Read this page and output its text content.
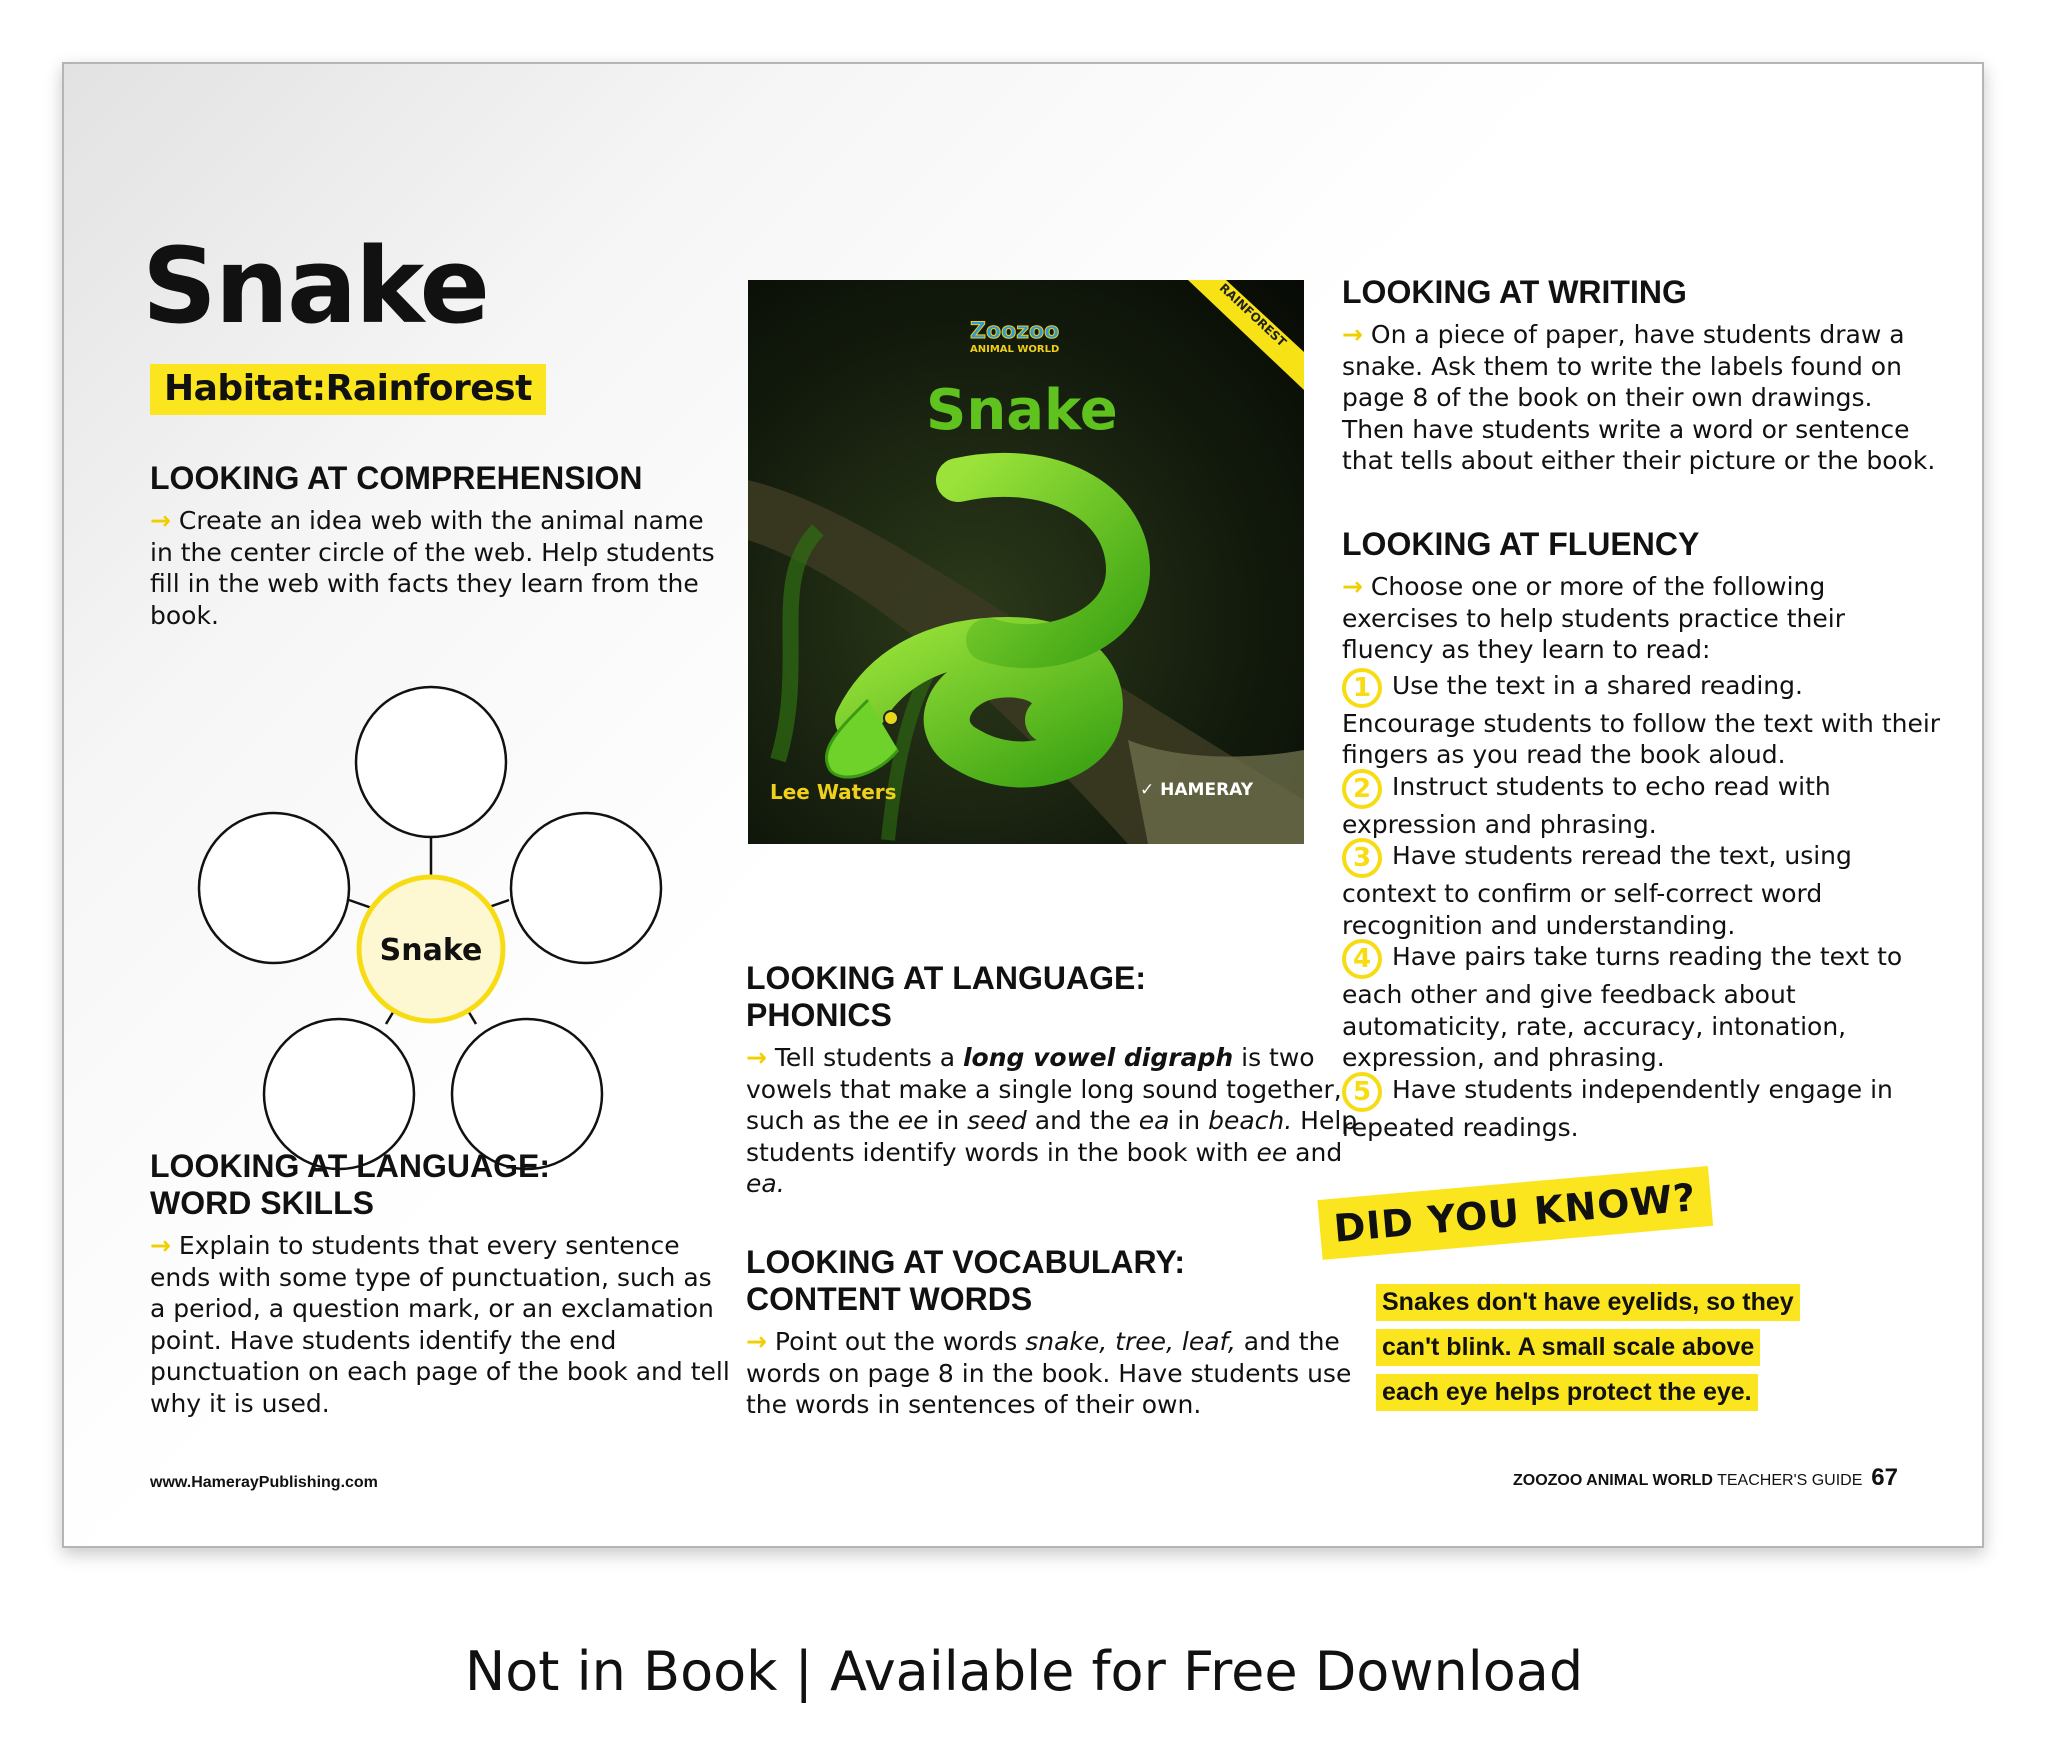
Snake
Habitat:Rainforest
LOOKING AT COMPREHENSION

→ Create an idea web with the animal name in the center circle of the web. Help students fill in the web with facts they learn from the book.

Snake
LOOKING AT LANGUAGE:
WORD SKILLS

→ Explain to students that every sentence ends with some type of punctuation, such as a period, a question mark, or an exclamation point. Have students identify the end punctuation on each page of the book and tell why it is used.

Zoozoo
ANIMAL WORLD
Snake
RAINFOREST
Lee Waters	✓ HAMERAY
LOOKING AT LANGUAGE:
PHONICS

→ Tell students a long vowel digraph is two vowels that make a single long sound together, such as the ee in seed and the ea in beach. Help students identify words in the book with ee and ea.

LOOKING AT VOCABULARY:
CONTENT WORDS

→ Point out the words snake, tree, leaf, and the words on page 8 in the book. Have students use the words in sentences of their own.

LOOKING AT WRITING

→ On a piece of paper, have students draw a snake. Ask them to write the labels found on page 8 of the book on their own drawings. Then have students write a word or sentence that tells about either their picture or the book.

LOOKING AT FLUENCY

→ Choose one or more of the following exercises to help students practice their fluency as they learn to read:

1 Use the text in a shared reading. Encourage students to follow the text with their fingers as you read the book aloud.
2 Instruct students to echo read with expression and phrasing.
3 Have students reread the text, using context to confirm or self-correct word recognition and understanding.
4 Have pairs take turns reading the text to each other and give feedback about automaticity, rate, accuracy, intonation, expression, and phrasing.
5 Have students independently engage in repeated readings.
DID YOU KNOW?
Snakes don't have eyelids, so they
can't blink. A small scale above
each eye helps protect the eye.
www.HamerayPublishing.com	ZOOZOO ANIMAL WORLD TEACHER'S GUIDE 67
Not in Book | Available for Free Download
